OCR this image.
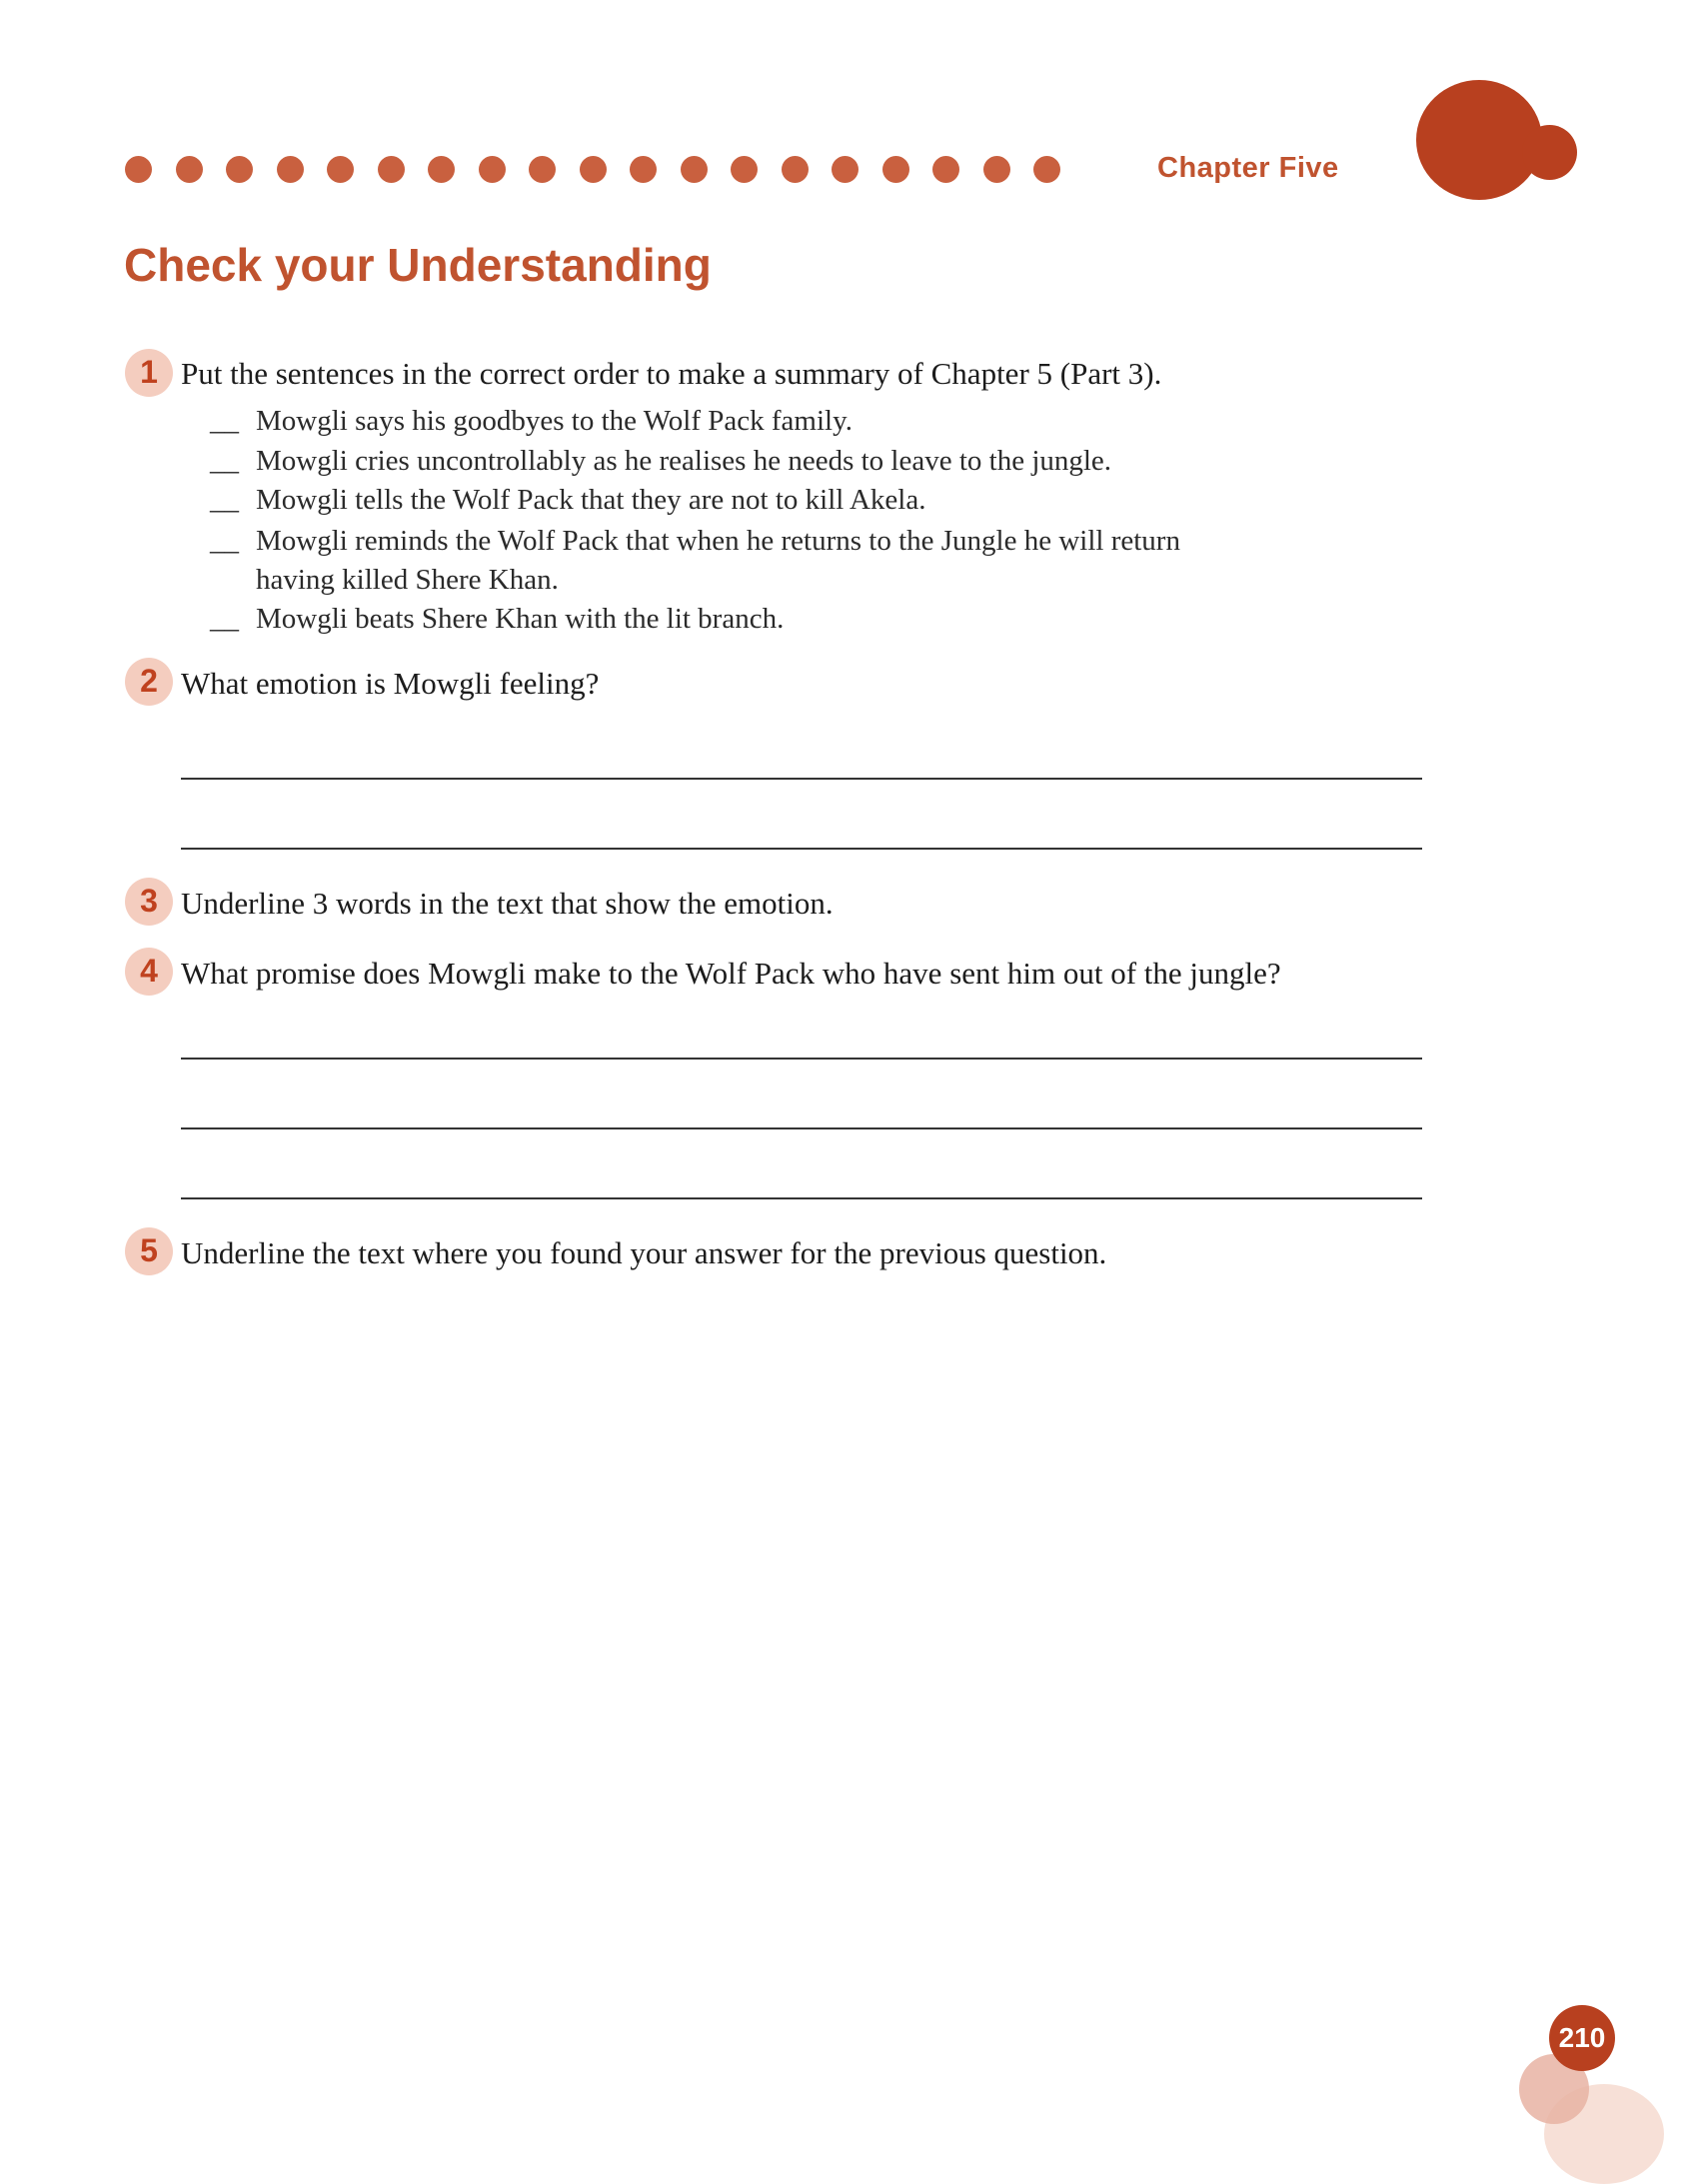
Chapter Five
Check your Understanding
1 Put the sentences in the correct order to make a summary of Chapter 5 (Part 3).
__ Mowgli says his goodbyes to the Wolf Pack family.
__ Mowgli cries uncontrollably as he realises he needs to leave to the jungle.
__ Mowgli tells the Wolf Pack that they are not to kill Akela.
__ Mowgli reminds the Wolf Pack that when he returns to the Jungle he will return
having killed Shere Khan.
__ Mowgli beats Shere Khan with the lit branch.
2 What emotion is Mowgli feeling?
3 Underline 3 words in the text that show the emotion.
4 What promise does Mowgli make to the Wolf Pack who have sent him out of the jungle?
5 Underline the text where you found your answer for the previous question.
210
